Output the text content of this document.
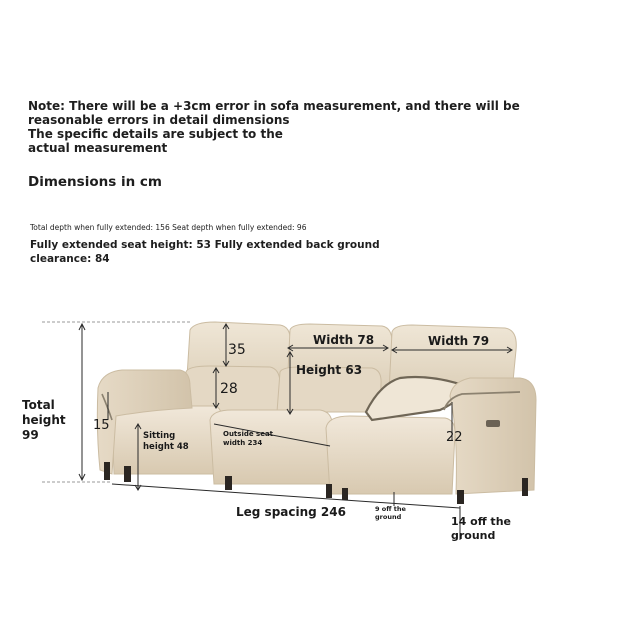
Note: There will be a +3cm error in sofa measurement, and there will be reasonable errors in detail dimensions
The specific details are subject to the actual measurement
Dimensions in cm
Total depth when fully extended: 156 Seat depth when fully extended: 96
Fully extended seat height: 53 Fully extended back ground clearance: 84
Total height 99
35
28
15
22
Width 78	Width 79
Height 63
Sitting height 48
Outside seat width 234
Leg spacing 246	9 off the ground	14 off the ground
